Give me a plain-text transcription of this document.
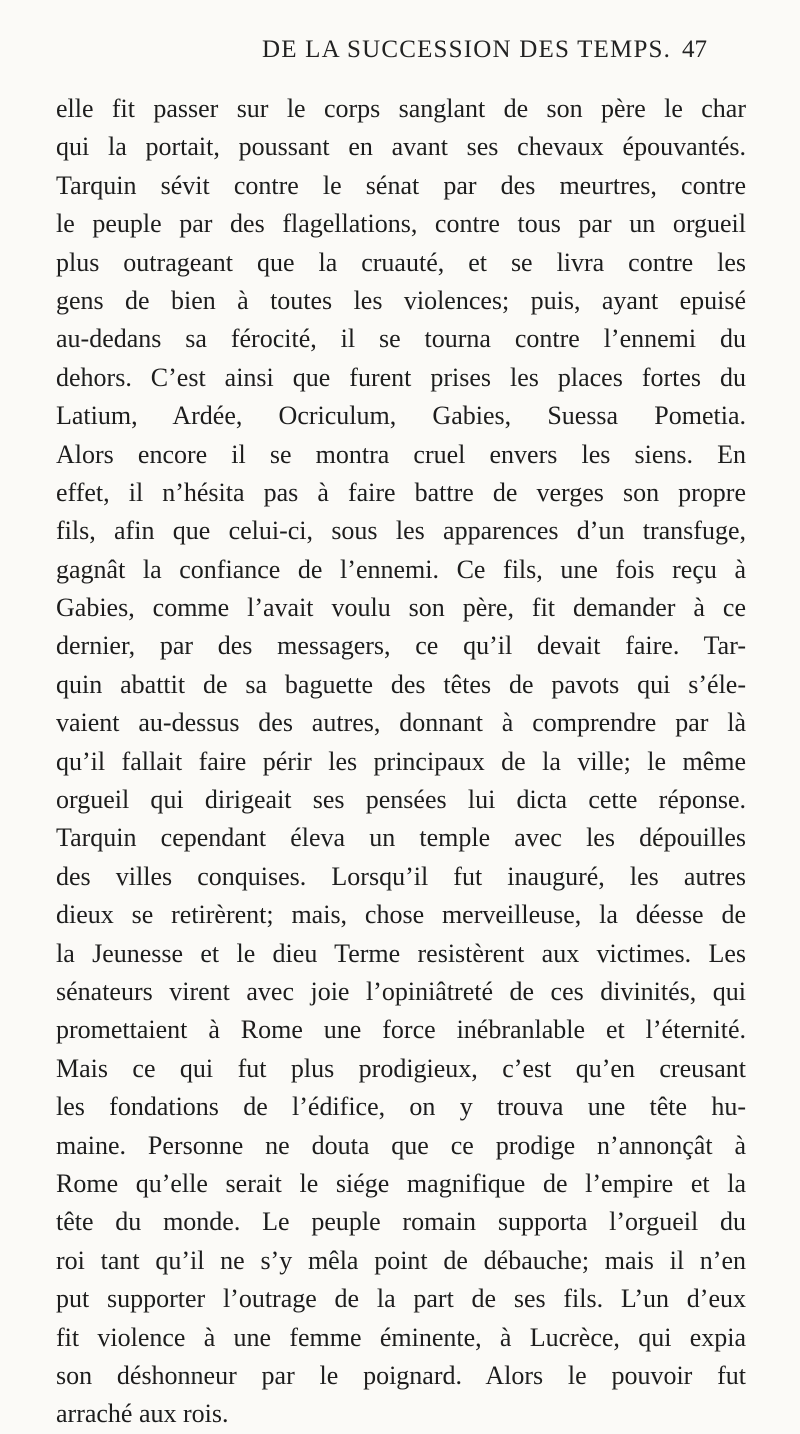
DE LA SUCCESSION DES TEMPS. 47
elle fit passer sur le corps sanglant de son père le char
qui la portait, poussant en avant ses chevaux épouvantés.
Tarquin sévit contre le sénat par des meurtres, contre
le peuple par des flagellations, contre tous par un orgueil
plus outrageant que la cruauté, et se livra contre les
gens de bien à toutes les violences; puis, ayant epuisé
au-dedans sa férocité, il se tourna contre l’ennemi du
dehors. C’est ainsi que furent prises les places fortes du
Latium, Ardée, Ocriculum, Gabies, Suessa Pometia.
Alors encore il se montra cruel envers les siens. En
effet, il n’hésita pas à faire battre de verges son propre
fils, afin que celui-ci, sous les apparences d’un transfuge,
gagnât la confiance de l’ennemi. Ce fils, une fois reçu à
Gabies, comme l’avait voulu son père, fit demander à ce
dernier, par des messagers, ce qu’il devait faire. Tar-
quin abattit de sa baguette des têtes de pavots qui s’éle-
vaient au-dessus des autres, donnant à comprendre par là
qu’il fallait faire périr les principaux de la ville; le même
orgueil qui dirigeait ses pensées lui dicta cette réponse.
Tarquin cependant éleva un temple avec les dépouilles
des villes conquises. Lorsqu’il fut inauguré, les autres
dieux se retirèrent; mais, chose merveilleuse, la déesse de
la Jeunesse et le dieu Terme resistèrent aux victimes. Les
sénateurs virent avec joie l’opiniâtreté de ces divinités, qui
promettaient à Rome une force inébranlable et l’éternité.
Mais ce qui fut plus prodigieux, c’est qu’en creusant
les fondations de l’édifice, on y trouva une tête hu-
maine. Personne ne douta que ce prodige n’annonçât à
Rome qu’elle serait le siége magnifique de l’empire et la
tête du monde. Le peuple romain supporta l’orgueil du
roi tant qu’il ne s’y mêla point de débauche; mais il n’en
put supporter l’outrage de la part de ses fils. L’un d’eux
fit violence à une femme éminente, à Lucrèce, qui expia
son déshonneur par le poignard. Alors le pouvoir fut
arraché aux rois.
